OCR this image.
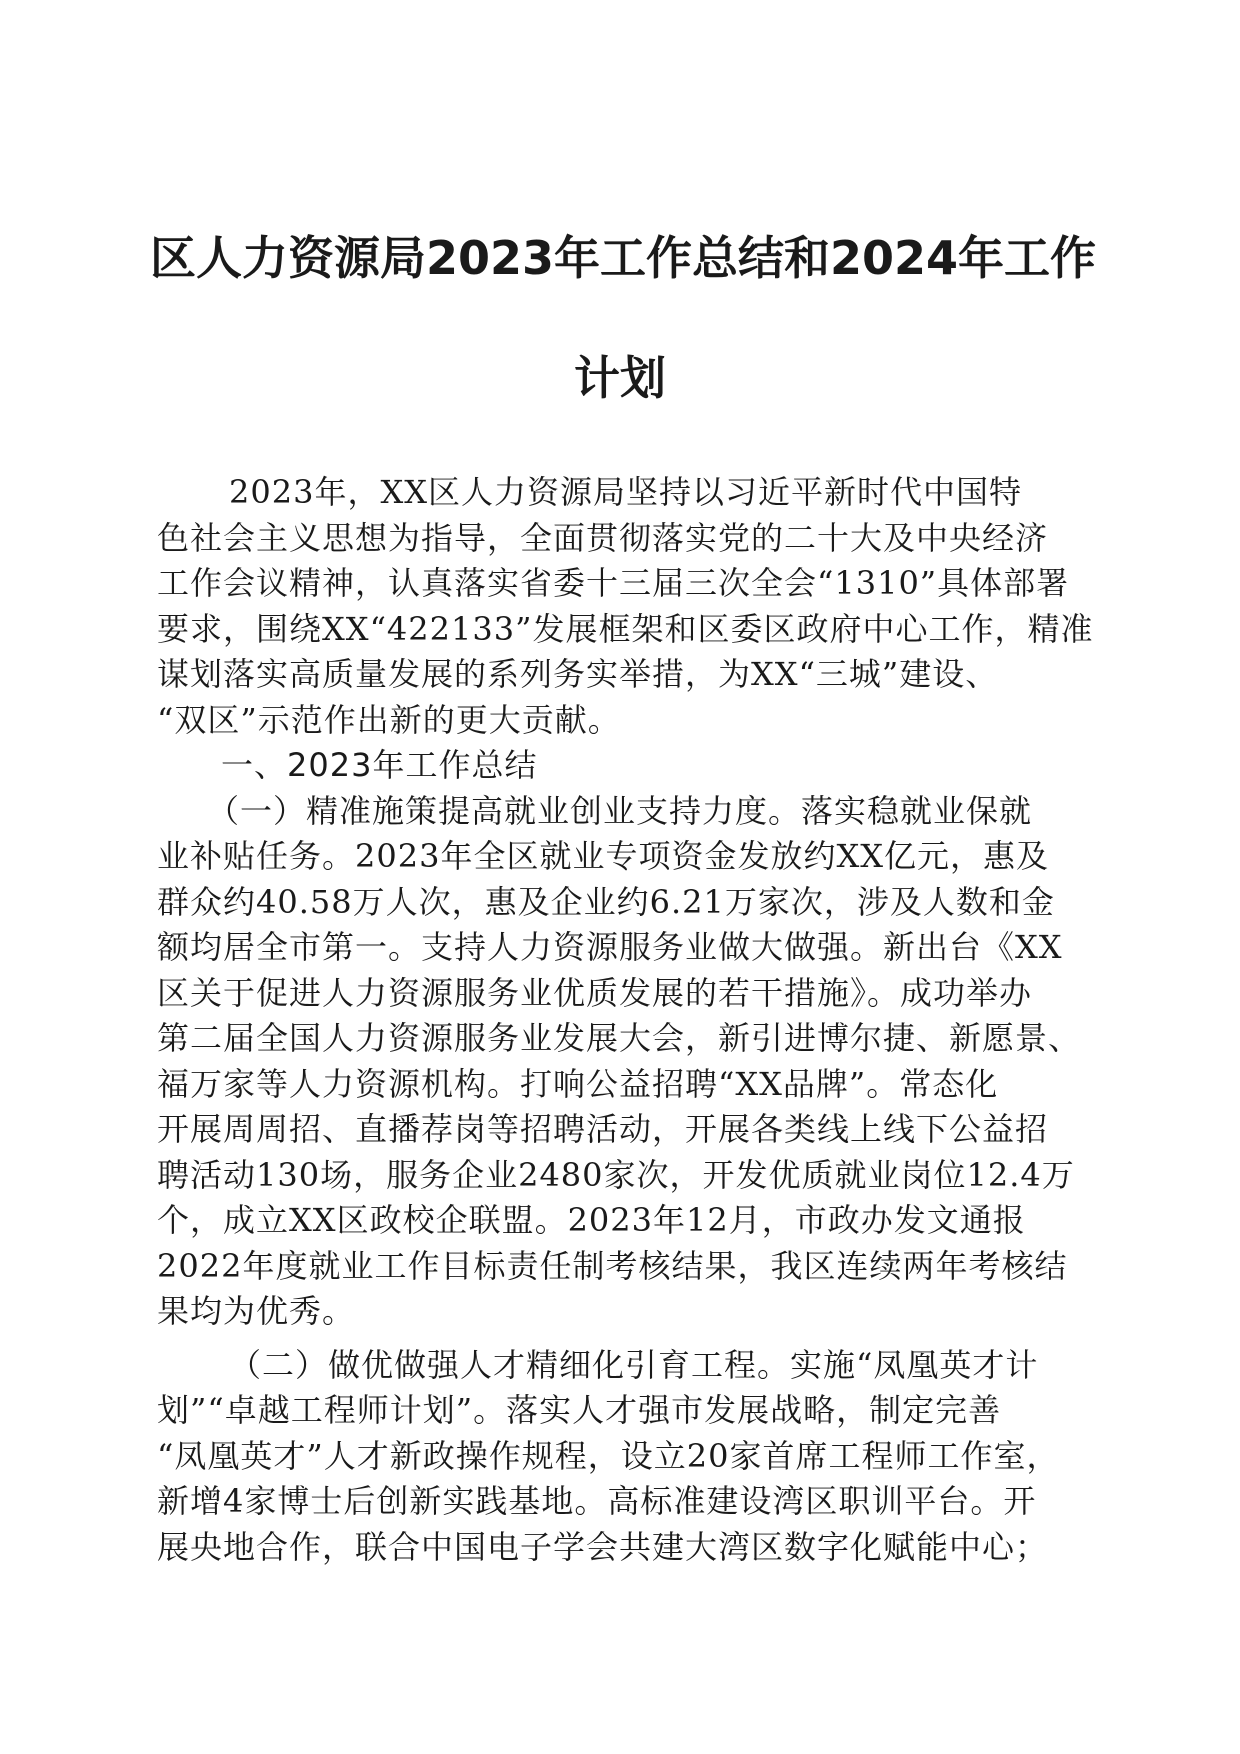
区人力资源局2023年工作总结和2024年工作
计划
2023年，XX区人力资源局坚持以习近平新时代中国特
色社会主义思想为指导，全面贯彻落实党的二十大及中央经济
工作会议精神，认真落实省委十三届三次全会“1310”具体部署
要求，围绕XX“422133”发展框架和区委区政府中心工作，精准
谋划落实高质量发展的系列务实举措，为XX“三城”建设、
“双区”示范作出新的更大贡献。
一、2023年工作总结
（一）精准施策提高就业创业支持力度。落实稳就业保就
业补贴任务。2023年全区就业专项资金发放约XX亿元，惠及
群众约40.58万人次，惠及企业约6.21万家次，涉及人数和金
额均居全市第一。支持人力资源服务业做大做强。新出台《XX
区关于促进人力资源服务业优质发展的若干措施》。成功举办
第二届全国人力资源服务业发展大会，新引进博尔捷、新愿景、
福万家等人力资源机构。打响公益招聘“XX品牌”。常态化
开展周周招、直播荐岗等招聘活动，开展各类线上线下公益招
聘活动130场，服务企业2480家次，开发优质就业岗位12.4万
个，成立XX区政校企联盟。2023年12月，市政办发文通报
2022年度就业工作目标责任制考核结果，我区连续两年考核结
果均为优秀。
（二）做优做强人才精细化引育工程。实施“凤凰英才计
划”“卓越工程师计划”。落实人才强市发展战略，制定完善
“凤凰英才”人才新政操作规程，设立20家首席工程师工作室，
新增4家博士后创新实践基地。高标准建设湾区职训平台。开
展央地合作，联合中国电子学会共建大湾区数字化赋能中心；
